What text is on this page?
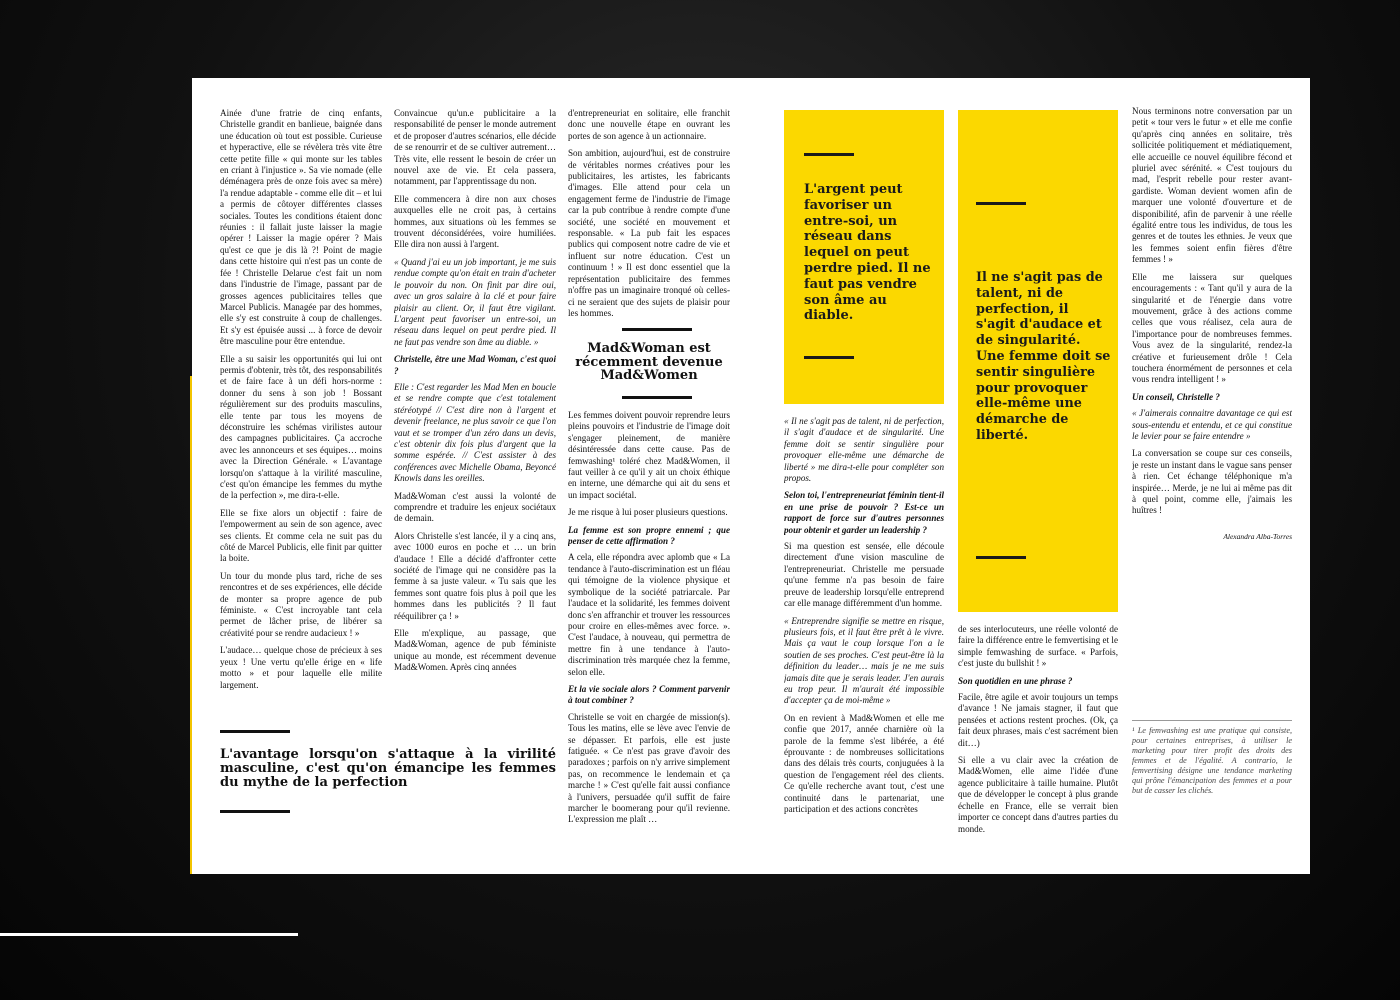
Ainée d'une fratrie de cinq enfants, Christelle grandit en banlieue, baignée dans une éducation où tout est possible. Curieuse et hyperactive, elle se révèlera très vite être cette petite fille « qui monte sur les tables en criant à l'injustice ». Sa vie nomade (elle déménagera près de onze fois avec sa mère) l'a rendue adaptable - comme elle dit – et lui a permis de côtoyer différentes classes sociales. Toutes les conditions étaient donc réunies : il fallait juste laisser la magie opérer ! Laisser la magie opérer ? Mais qu'est ce que je dis là ?! Point de magie dans cette histoire qui n'est pas un conte de fée ! Christelle Delarue c'est fait un nom dans l'industrie de l'image, passant par de grosses agences publicitaires telles que Marcel Publicis. Managée par des hommes, elle s'y est construite à coup de challenges. Et s'y est épuisée aussi ... à force de devoir être masculine pour être entendue.

Elle a su saisir les opportunités qui lui ont permis d'obtenir, très tôt, des responsabilités et de faire face à un défi hors-norme : donner du sens à son job ! Bossant régulièrement sur des produits masculins, elle tente par tous les moyens de déconstruire les schémas virilistes autour des campagnes publicitaires. Ça accroche avec les annonceurs et ses équipes… moins avec la Direction Générale. « L'avantage lorsqu'on s'attaque à la virilité masculine, c'est qu'on émancipe les femmes du mythe de la perfection », me dira-t-elle.

Elle se fixe alors un objectif : faire de l'empowerment au sein de son agence, avec ses clients. Et comme cela ne suit pas du côté de Marcel Publicis, elle finit par quitter la boite.

Un tour du monde plus tard, riche de ses rencontres et de ses expériences, elle décide de monter sa propre agence de pub féministe. « C'est incroyable tant cela permet de lâcher prise, de libérer sa créativité pour se rendre audacieux ! »

L'audace… quelque chose de précieux à ses yeux ! Une vertu qu'elle érige en « life motto » et pour laquelle elle milite largement.

L'avantage lorsqu'on s'attaque à la virilité masculine, c'est qu'on émancipe les femmes du mythe de la perfection

Convaincue qu'un.e publicitaire a la responsabilité de penser le monde autrement et de proposer d'autres scénarios, elle décide de se renourrir et de se cultiver autrement… Très vite, elle ressent le besoin de créer un nouvel axe de vie. Et cela passera, notamment, par l'apprentissage du non.

Elle commencera à dire non aux choses auxquelles elle ne croit pas, à certains hommes, aux situations où les femmes se trouvent déconsidérées, voire humiliées. Elle dira non aussi à l'argent.

« Quand j'ai eu un job important, je me suis rendue compte qu'on était en train d'acheter le pouvoir du non. On finit par dire oui, avec un gros salaire à la clé et pour faire plaisir au client. Or, il faut être vigilant. L'argent peut favoriser un entre-soi, un réseau dans lequel on peut perdre pied. Il ne faut pas vendre son âme au diable. »

Christelle, être une Mad Woman, c'est quoi ?

Elle : C'est regarder les Mad Men en boucle et se rendre compte que c'est totalement stéréotypé // C'est dire non à l'argent et devenir freelance, ne plus savoir ce que l'on vaut et se tromper d'un zéro dans un devis, c'est obtenir dix fois plus d'argent que la somme espérée. // C'est assister à des conférences avec Michelle Obama, Beyoncé Knowls dans les oreilles.

Mad&Woman c'est aussi la volonté de comprendre et traduire les enjeux sociétaux de demain.

Alors Christelle s'est lancée, il y a cinq ans, avec 1000 euros en poche et … un brin d'audace ! Elle a décidé d'affronter cette société de l'image qui ne considère pas la femme à sa juste valeur. « Tu sais que les femmes sont quatre fois plus à poil que les hommes dans les publicités ? Il faut rééquilibrer ça ! »

Elle m'explique, au passage, que Mad&Woman, agence de pub féministe unique au monde, est récemment devenue Mad&Women. Après cinq années

d'entrepreneuriat en solitaire, elle franchit donc une nouvelle étape en ouvrant les portes de son agence à un actionnaire.

Son ambition, aujourd'hui, est de construire de véritables normes créatives pour les publicitaires, les artistes, les fabricants d'images. Elle attend pour cela un engagement ferme de l'industrie de l'image car la pub contribue à rendre compte d'une société, une société en mouvement et responsable. « La pub fait les espaces publics qui composent notre cadre de vie et influent sur notre éducation. C'est un continuum ! » Il est donc essentiel que la représentation publicitaire des femmes n'offre pas un imaginaire tronqué où celles-ci ne seraient que des sujets de plaisir pour les hommes.

Mad&Woman est récemment devenue Mad&Women

Les femmes doivent pouvoir reprendre leurs pleins pouvoirs et l'industrie de l'image doit s'engager pleinement, de manière désintéressée dans cette cause. Pas de femwashing¹ toléré chez Mad&Women, il faut veiller à ce qu'il y ait un choix éthique en interne, une démarche qui ait du sens et un impact sociétal.

Je me risque à lui poser plusieurs questions.

La femme est son propre ennemi ; que penser de cette affirmation ?

A cela, elle répondra avec aplomb que « La tendance à l'auto-discrimination est un fléau qui témoigne de la violence physique et symbolique de la société patriarcale. Par l'audace et la solidarité, les femmes doivent donc s'en affranchir et trouver les ressources pour croire en elles-mêmes avec force. ». C'est l'audace, à nouveau, qui permettra de mettre fin à une tendance à l'auto-discrimination très marquée chez la femme, selon elle.

Et la vie sociale alors ? Comment parvenir à tout combiner ?

Christelle se voit en chargée de mission(s). Tous les matins, elle se lève avec l'envie de se dépasser. Et parfois, elle est juste fatiguée. « Ce n'est pas grave d'avoir des paradoxes ; parfois on n'y arrive simplement pas, on recommence le lendemain et ça marche ! » C'est qu'elle fait aussi confiance à l'univers, persuadée qu'il suffit de faire marcher le boomerang pour qu'il revienne. L'expression me plaît …

L'argent peut favoriser un entre-soi, un réseau dans lequel on peut perdre pied. Il ne faut pas vendre son âme au diable.
Il ne s'agit pas de talent, ni de perfection, il s'agit d'audace et de singularité. Une femme doit se sentir singulière pour provoquer elle-même une démarche de liberté.

« Il ne s'agit pas de talent, ni de perfection, il s'agit d'audace et de singularité. Une femme doit se sentir singulière pour provoquer elle-même une démarche de liberté » me dira-t-elle pour compléter son propos.

Selon toi, l'entrepreneuriat féminin tient-il en une prise de pouvoir ? Est-ce un rapport de force sur d'autres personnes pour obtenir et garder un leadership ?

Si ma question est sensée, elle découle directement d'une vision masculine de l'entrepreneuriat. Christelle me persuade qu'une femme n'a pas besoin de faire preuve de leadership lorsqu'elle entreprend car elle manage différemment d'un homme.

« Entreprendre signifie se mettre en risque, plusieurs fois, et il faut être prêt à le vivre. Mais ça vaut le coup lorsque l'on a le soutien de ses proches. C'est peut-être là la définition du leader… mais je ne me suis jamais dite que je serais leader. J'en aurais eu trop peur. Il m'aurait été impossible d'accepter ça de moi-même »

On en revient à Mad&Women et elle me confie que 2017, année charnière où la parole de la femme s'est libérée, a été éprouvante : de nombreuses sollicitations dans des délais très courts, conjuguées à la question de l'engagement réel des clients. Ce qu'elle recherche avant tout, c'est une continuité dans le partenariat, une participation et des actions concrètes

de ses interlocuteurs, une réelle volonté de faire la différence entre le femvertising et le simple femwashing de surface. « Parfois, c'est juste du bullshit ! »

Son quotidien en une phrase ?

Facile, être agile et avoir toujours un temps d'avance ! Ne jamais stagner, il faut que pensées et actions restent proches. (Ok, ça fait deux phrases, mais c'est sacrément bien dit…)

Si elle a vu clair avec la création de Mad&Women, elle aime l'idée d'une agence publicitaire à taille humaine. Plutôt que de développer le concept à plus grande échelle en France, elle se verrait bien importer ce concept dans d'autres parties du monde.

Nous terminons notre conversation par un petit « tour vers le futur » et elle me confie qu'après cinq années en solitaire, très sollicitée politiquement et médiatiquement, elle accueille ce nouvel équilibre fécond et pluriel avec sérénité. « C'est toujours du mad, l'esprit rebelle pour rester avant-gardiste. Woman devient women afin de marquer une volonté d'ouverture et de disponibilité, afin de parvenir à une réelle égalité entre tous les individus, de tous les genres et de toutes les ethnies. Je veux que les femmes soient enfin fières d'être femmes ! »

Elle me laissera sur quelques encouragements : « Tant qu'il y aura de la singularité et de l'énergie dans votre mouvement, grâce à des actions comme celles que vous réalisez, cela aura de l'importance pour de nombreuses femmes. Vous avez de la singularité, rendez-la créative et furieusement drôle ! Cela touchera énormément de personnes et cela vous rendra intelligent ! »

Un conseil, Christelle ?

« J'aimerais connaitre davantage ce qui est sous-entendu et entendu, et ce qui constitue le levier pour se faire entendre »

La conversation se coupe sur ces conseils, je reste un instant dans le vague sans penser à rien. Cet échange téléphonique m'a inspirée… Merde, je ne lui ai même pas dit à quel point, comme elle, j'aimais les huîtres !

Alexandra Alba-Torres
¹ Le femwashing est une pratique qui consiste, pour certaines entreprises, à utiliser le marketing pour tirer profit des droits des femmes et de l'égalité. A contrario, le femvertising désigne une tendance marketing qui prône l'émancipation des femmes et a pour but de casser les clichés.
